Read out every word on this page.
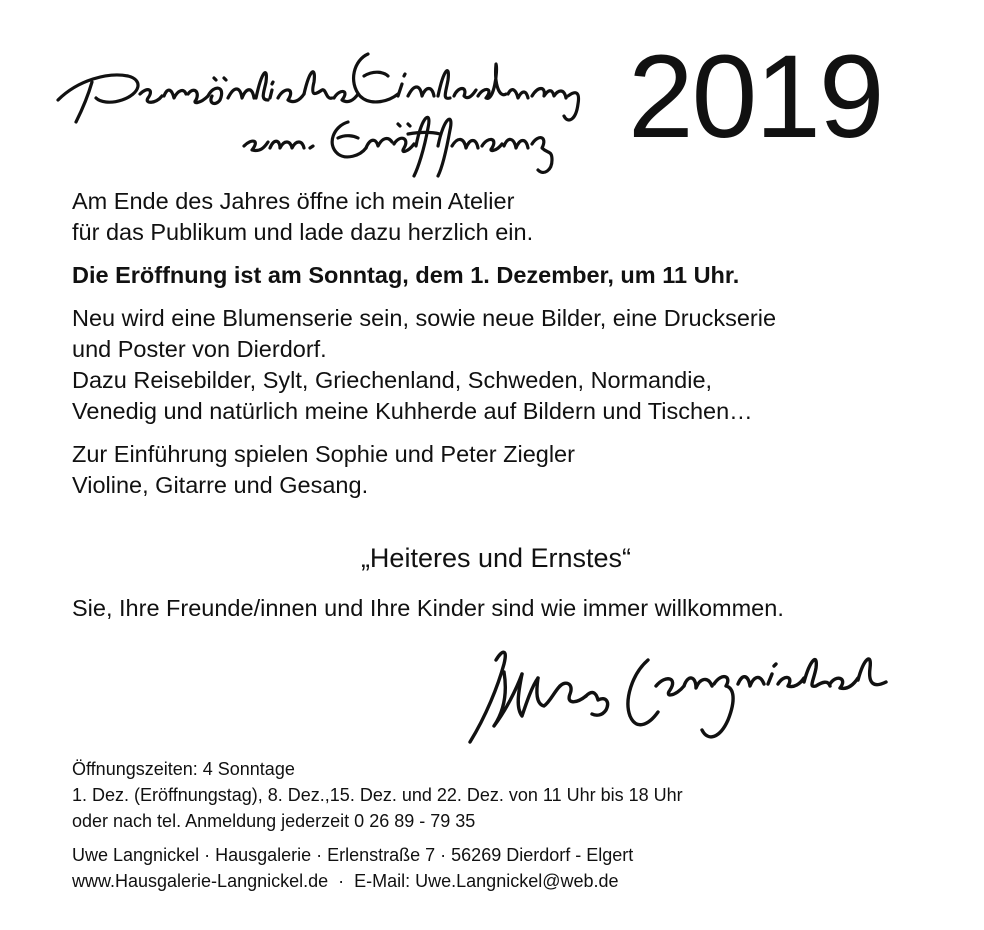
2019

Am Ende des Jahres öffne ich mein Atelier

für das Publikum und lade dazu herzlich ein.

Die Eröffnung ist am Sonntag, dem 1. Dezember, um 11 Uhr.

Neu wird eine Blumenserie sein, sowie neue Bilder, eine Druckserie

und Poster von Dierdorf.

Dazu Reisebilder, Sylt, Griechenland, Schweden, Normandie,

Venedig und natürlich meine Kuhherde auf Bildern und Tischen…

Zur Einführung spielen Sophie und Peter Ziegler

Violine, Gitarre und Gesang.

„Heiteres und Ernstes“
Sie, Ihre Freunde/innen und Ihre Kinder sind wie immer willkommen.

Öffnungszeiten: 4 Sonntage

1. Dez. (Eröffnungstag), 8. Dez.,15. Dez. und 22. Dez. von 11 Uhr bis 18 Uhr

oder nach tel. Anmeldung jederzeit 0 26 89 - 79 35

Uwe Langnickel · Hausgalerie · Erlenstraße 7 · 56269 Dierdorf - Elgert

www.Hausgalerie-Langnickel.de  ·  E-Mail: Uwe.Langnickel@web.de
